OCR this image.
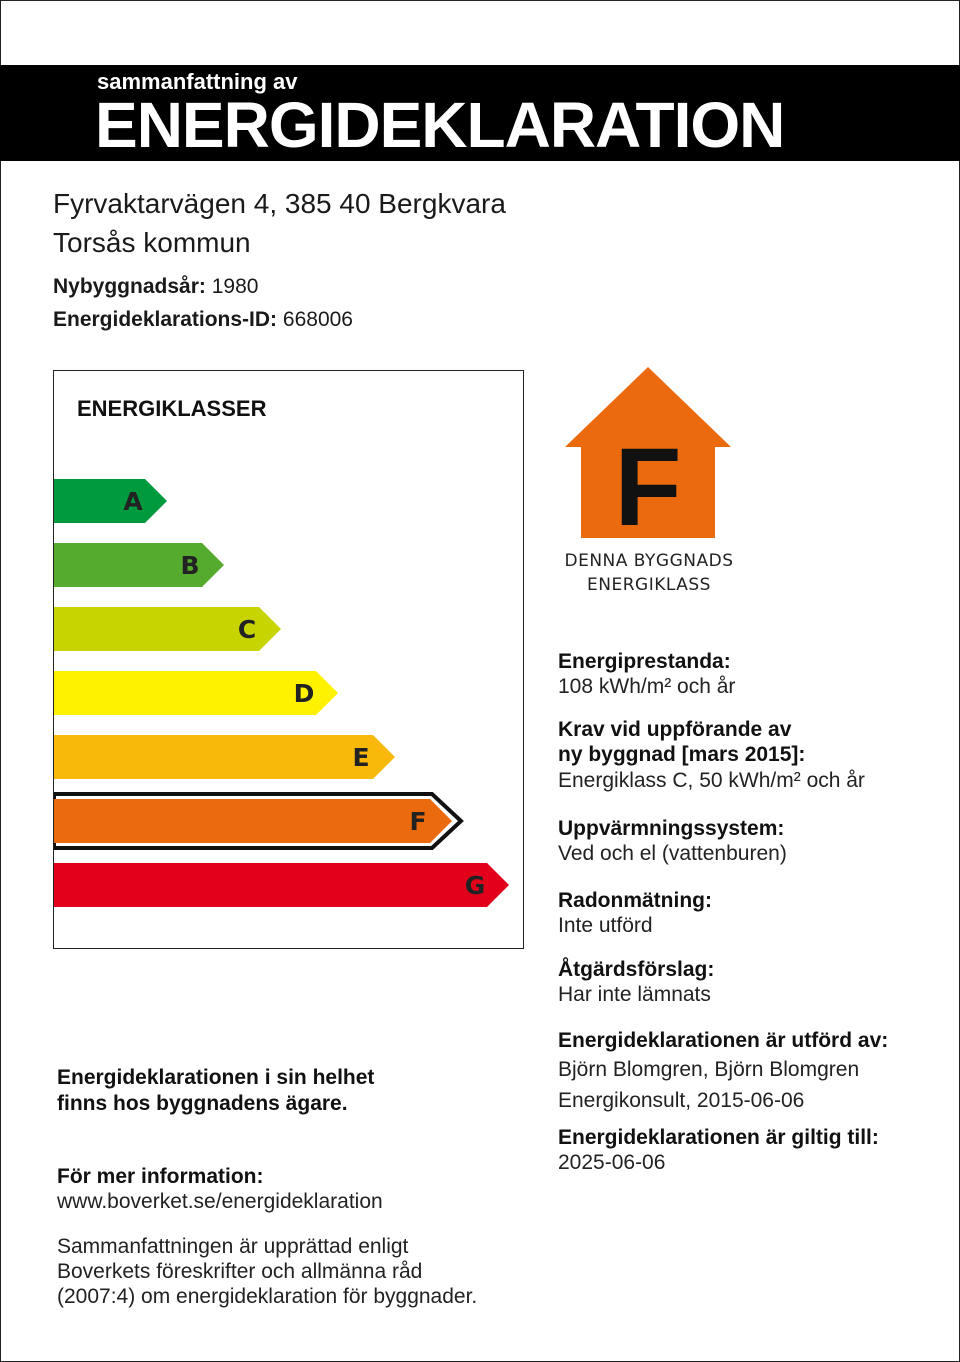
sammanfattning av
ENERGIDEKLARATION
Fyrvaktarvägen 4, 385 40 Bergkvara
Torsås kommun
Nybyggnadsår: 1980
Energideklarations-ID: 668006
ENERGIKLASSER
A
B
C
D
E
F
G
F
DENNA BYGGNADS
ENERGIKLASS
Energiprestanda:
108 kWh/m² och år
Krav vid uppförande av
ny byggnad [mars 2015]:
Energiklass C, 50 kWh/m² och år
Uppvärmningssystem:
Ved och el (vattenburen)
Radonmätning:
Inte utförd
Åtgärdsförslag:
Har inte lämnats
Energideklarationen är utförd av:
Björn Blomgren, Björn Blomgren
Energikonsult, 2015-06-06
Energideklarationen är giltig till:
2025-06-06
Energideklarationen i sin helhet
finns hos byggnadens ägare.
För mer information:
www.boverket.se/energideklaration
Sammanfattningen är upprättad enligt
Boverkets föreskrifter och allmänna råd
(2007:4) om energideklaration för byggnader.
